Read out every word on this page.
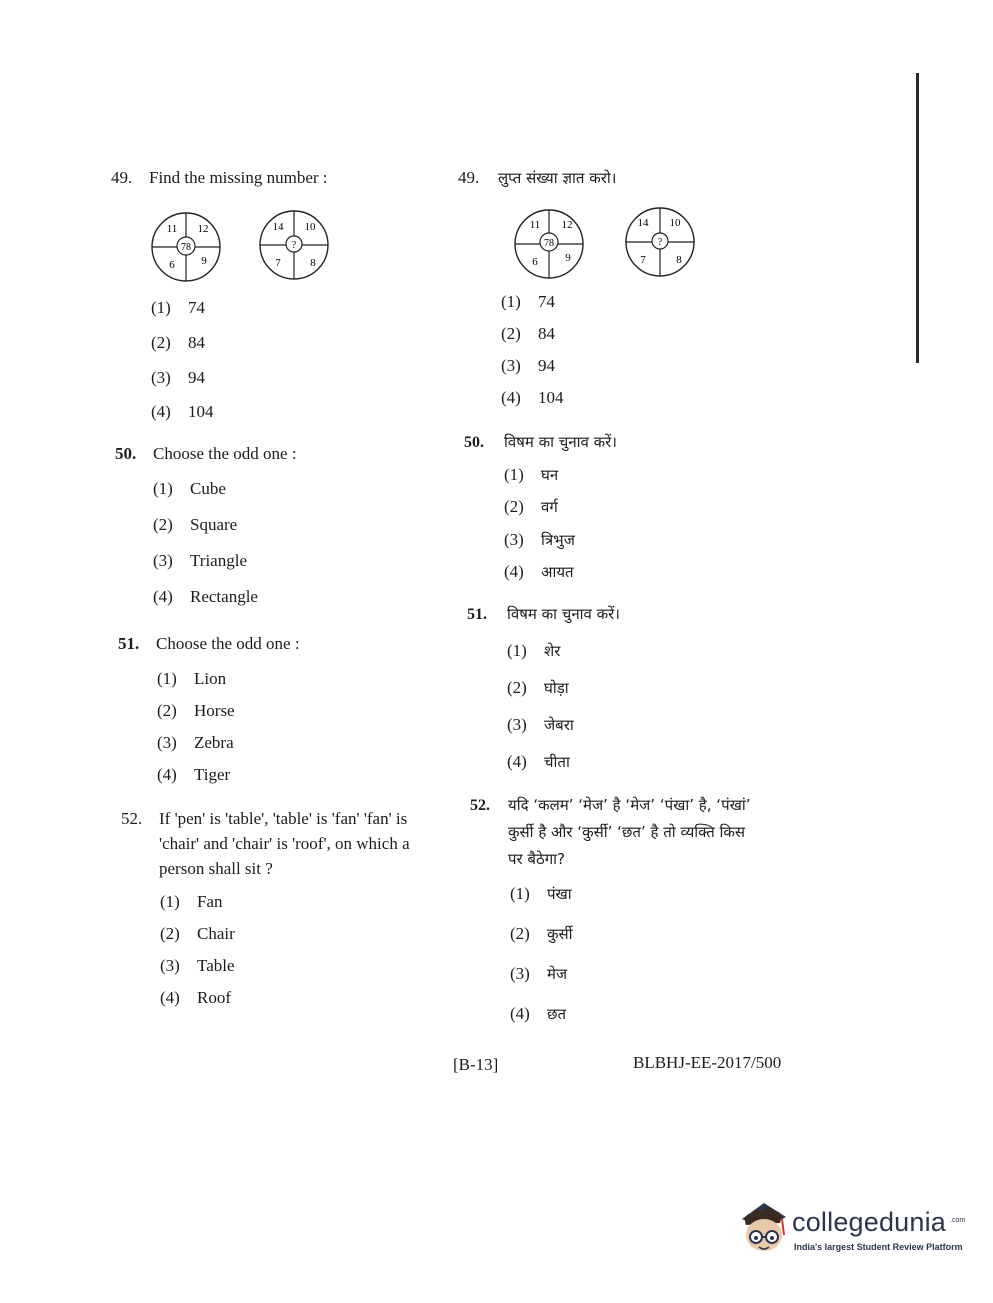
49. Find the missing number :
11 12
6 9
78
14 10
7	8
?
(1) 74
(2) 84
(3) 94
(4) 104
50. Choose the odd one :
(1) Cube
(2) Square
(3) Triangle
(4) Rectangle
51. Choose the odd one :
(1) Lion
(2) Horse
(3) Zebra
(4) Tiger
52. If 'pen' is 'table', 'table' is 'fan' 'fan' is
'chair' and 'chair' is 'roof', on which a
person shall sit ?
(1) Fan
(2) Chair
(3) Table
(4) Roof
49. लुप्त संख्या ज्ञात करो।
11 12
6	9
78
14 10
7	8
?
(1) 74
(2) 84
(3) 94
(4) 104
50. विषम का चुनाव करें।
(1) घन
(2) वर्ग
(3) त्रिभुज
(4) आयत
51. विषम का चुनाव करें।
(1) शेर
(2) घोड़ा
(3) जेबरा
(4) चीता
52. यदि ‘कलम’ ‘मेज’ है ‘मेज’ ‘पंखा’ है, ‘पंखां’
कुर्सी है और ‘कुर्सी’ ‘छत’ है तो व्यक्ति किस
पर बैठेगा?
(1) पंखा
(2) कुर्सी
(3) मेज
(4) छत
[B-13]	BLBHJ-EE-2017/500
collegedunia .com
India's largest Student Review Platform
